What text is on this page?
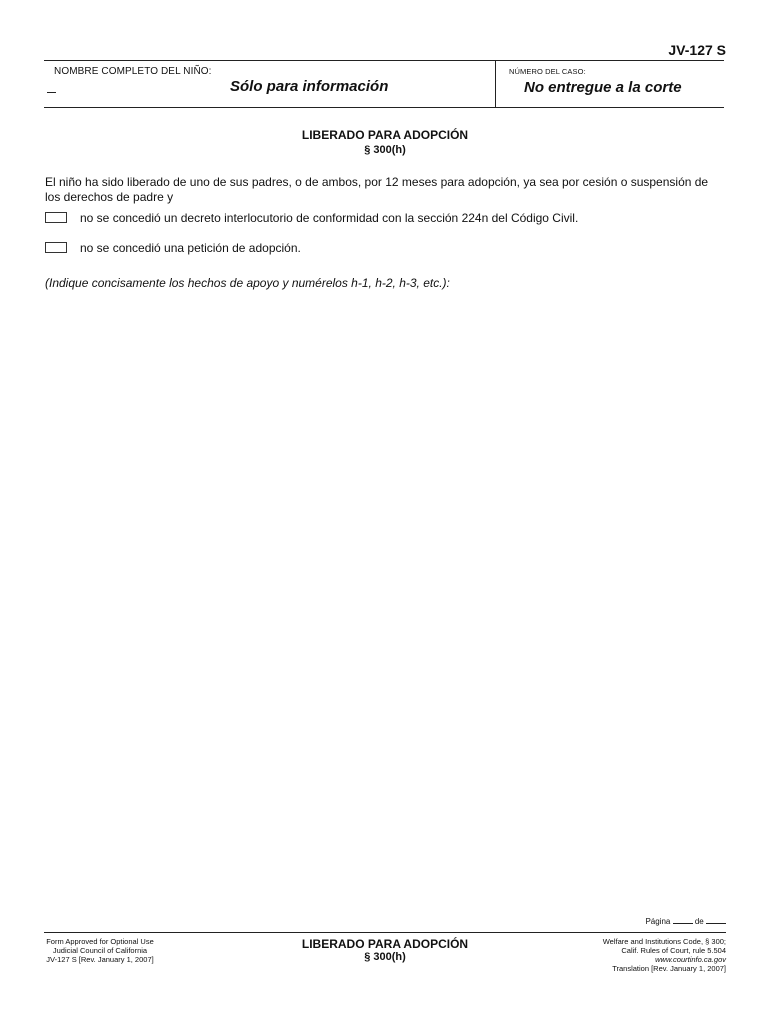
JV-127 S
NOMBRE COMPLETO DEL NIÑO:
Sólo para información
NÚMERO DEL CASO:
No entregue a la corte
LIBERADO PARA ADOPCIÓN
§ 300(h)
El niño ha sido liberado de uno de sus padres, o de ambos, por 12 meses para adopción, ya sea por cesión o suspensión de los derechos de padre y
no se concedió un decreto interlocutorio de conformidad con la sección 224n del Código Civil.
no se concedió una petición de adopción.
(Indique concisamente los hechos de apoyo y numérelos h-1, h-2, h-3, etc.):
Página	de
Form Approved for Optional Use
Judicial Council of California
JV-127 S [Rev. January 1, 2007]
LIBERADO PARA ADOPCIÓN
§ 300(h)
Welfare and Institutions Code, § 300;
Calif. Rules of Court, rule 5.504
www.courtinfo.ca.gov
Translation [Rev. January 1, 2007]
